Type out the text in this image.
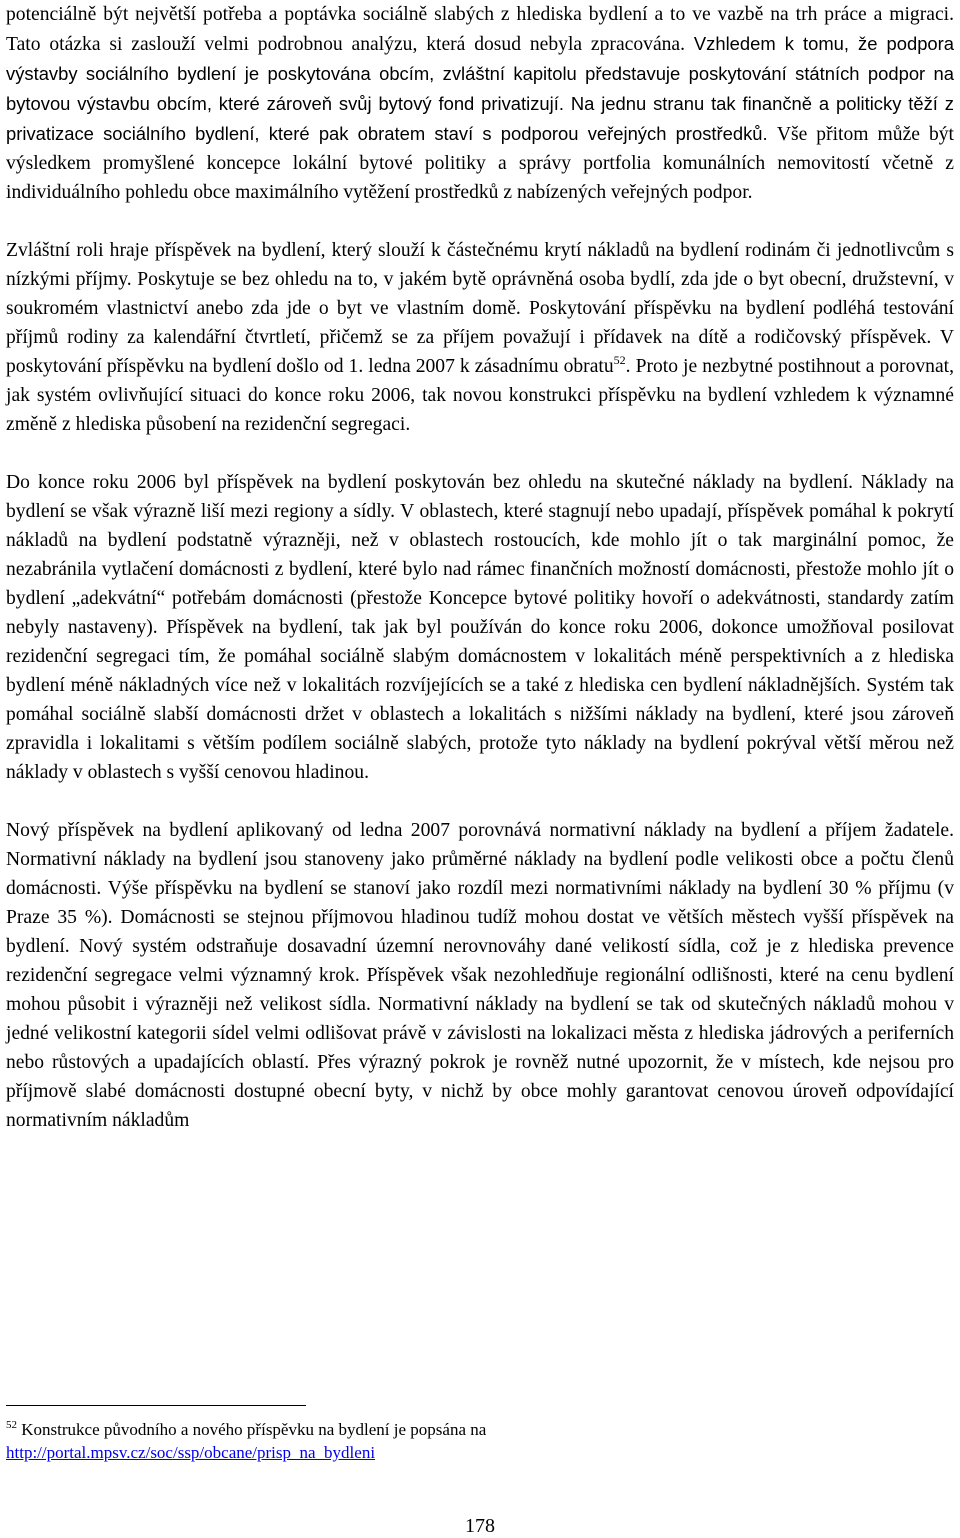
potenciálně být největší potřeba a poptávka sociálně slabých z hlediska bydlení a to ve vazbě na trh práce a migraci. Tato otázka si zaslouží velmi podrobnou analýzu, která dosud nebyla zpracována. Vzhledem k tomu, že podpora výstavby sociálního bydlení je poskytována obcím, zvláštní kapitolu představuje poskytování státních podpor na bytovou výstavbu obcím, které zároveň svůj bytový fond privatizují. Na jednu stranu tak finančně a politicky těží z privatizace sociálního bydlení, které pak obratem staví s podporou veřejných prostředků. Vše přitom může být výsledkem promyšlené koncepce lokální bytové politiky a správy portfolia komunálních nemovitostí včetně z individuálního pohledu obce maximálního vytěžení prostředků z nabízených veřejných podpor.

Zvláštní roli hraje příspěvek na bydlení, který slouží k částečnému krytí nákladů na bydlení rodinám či jednotlivcům s nízkými příjmy. Poskytuje se bez ohledu na to, v jakém bytě oprávněná osoba bydlí, zda jde o byt obecní, družstevní, v soukromém vlastnictví anebo zda jde o byt ve vlastním domě. Poskytování příspěvku na bydlení podléhá testování příjmů rodiny za kalendářní čtvrtletí, přičemž se za příjem považují i přídavek na dítě a rodičovský příspěvek. V poskytování příspěvku na bydlení došlo od 1. ledna 2007 k zásadnímu obratu$^{52}$. Proto je nezbytné postihnout a porovnat, jak systém ovlivňující situaci do konce roku 2006, tak novou konstrukci příspěvku na bydlení vzhledem k významné změně z hlediska působení na rezidenční segregaci.

Do konce roku 2006 byl příspěvek na bydlení poskytován bez ohledu na skutečné náklady na bydlení. Náklady na bydlení se však výrazně liší mezi regiony a sídly. V oblastech, které stagnují nebo upadají, příspěvek pomáhal k pokrytí nákladů na bydlení podstatně výrazněji, než v oblastech rostoucích, kde mohlo jít o tak marginální pomoc, že nezabránila vytlačení domácnosti z bydlení, které bylo nad rámec finančních možností domácnosti, přestože mohlo jít o bydlení „adekvátní“ potřebám domácnosti (přestože Koncepce bytové politiky hovoří o adekvátnosti, standardy zatím nebyly nastaveny). Příspěvek na bydlení, tak jak byl používán do konce roku 2006, dokonce umožňoval posilovat rezidenční segregaci tím, že pomáhal sociálně slabým domácnostem v lokalitách méně perspektivních a z hlediska bydlení méně nákladných více než v lokalitách rozvíjejících se a také z hlediska cen bydlení nákladnějších. Systém tak pomáhal sociálně slabší domácnosti držet v oblastech a lokalitách s nižšími náklady na bydlení, které jsou zároveň zpravidla i lokalitami s větším podílem sociálně slabých, protože tyto náklady na bydlení pokrýval větší měrou než náklady v oblastech s vyšší cenovou hladinou.

Nový příspěvek na bydlení aplikovaný od ledna 2007 porovnává normativní náklady na bydlení a příjem žadatele. Normativní náklady na bydlení jsou stanoveny jako průměrné náklady na bydlení podle velikosti obce a počtu členů domácnosti. Výše příspěvku na bydlení se stanoví jako rozdíl mezi normativními náklady na bydlení 30 % příjmu (v Praze 35 %). Domácnosti se stejnou příjmovou hladinou tudíž mohou dostat ve větších městech vyšší příspěvek na bydlení. Nový systém odstraňuje dosavadní územní nerovnováhy dané velikostí sídla, což je z hlediska prevence rezidenční segregace velmi významný krok. Příspěvek však nezohledňuje regionální odlišnosti, které na cenu bydlení mohou působit i výrazněji než velikost sídla. Normativní náklady na bydlení se tak od skutečných nákladů mohou v jedné velikostní kategorii sídel velmi odlišovat právě v závislosti na lokalizaci města z hlediska jádrových a periferních nebo růstových a upadajících oblastí. Přes výrazný pokrok je rovněž nutné upozornit, že v místech, kde nejsou pro příjmově slabé domácnosti dostupné obecní byty, v nichž by obce mohly garantovat cenovou úroveň odpovídající normativním nákladům

$^{52}$ Konstrukce původního a nového příspěvku na bydlení je popsána na
http://portal.mpsv.cz/soc/ssp/obcane/prisp_na_bydleni
178
